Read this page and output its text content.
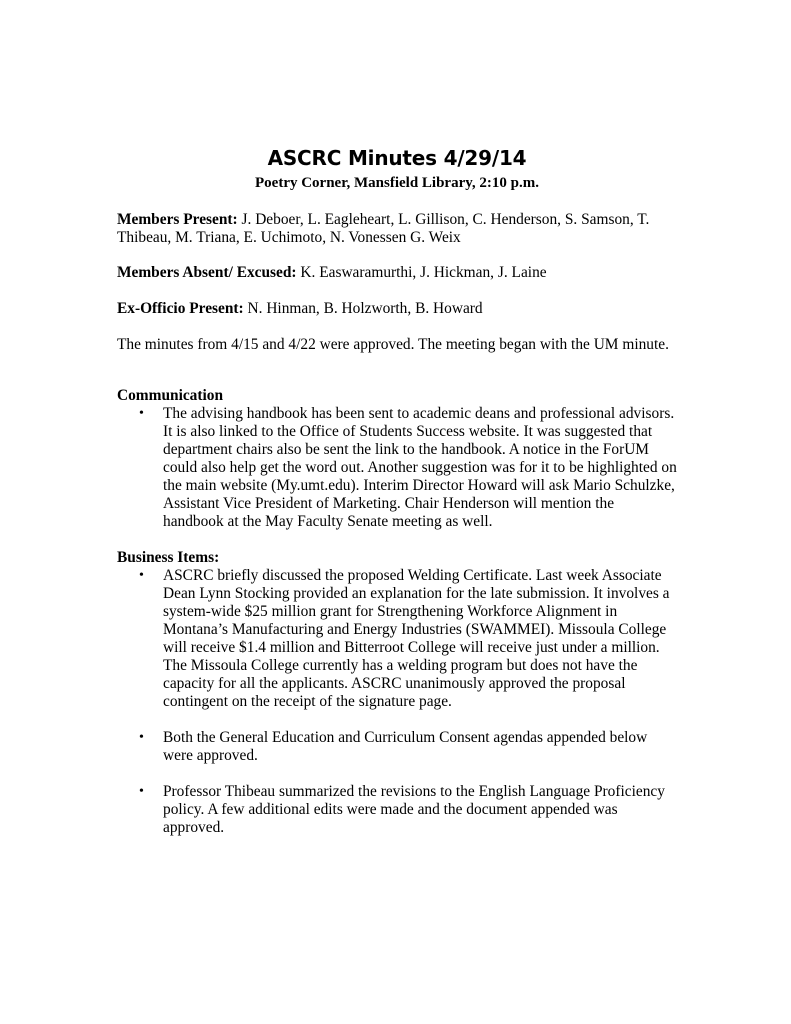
ASCRC Minutes 4/29/14

Poetry Corner, Mansfield Library, 2:10 p.m.

Members Present: J. Deboer, L. Eagleheart, L. Gillison, C. Henderson, S. Samson, T. Thibeau, M. Triana, E. Uchimoto, N. Vonessen G. Weix

Members Absent/ Excused: K. Easwaramurthi, J. Hickman, J. Laine

Ex-Officio Present: N. Hinman, B. Holzworth, B. Howard

The minutes from 4/15 and 4/22 were approved. The meeting began with the UM minute.

Communication

• The advising handbook has been sent to academic deans and professional advisors. It is also linked to the Office of Students Success website. It was suggested that department chairs also be sent the link to the handbook. A notice in the ForUM could also help get the word out. Another suggestion was for it to be highlighted on the main website (My.umt.edu). Interim Director Howard will ask Mario Schulzke, Assistant Vice President of Marketing. Chair Henderson will mention the handbook at the May Faculty Senate meeting as well.

Business Items:

• ASCRC briefly discussed the proposed Welding Certificate. Last week Associate Dean Lynn Stocking provided an explanation for the late submission. It involves a system-wide $25 million grant for Strengthening Workforce Alignment in Montana’s Manufacturing and Energy Industries (SWAMMEI). Missoula College will receive $1.4 million and Bitterroot College will receive just under a million. The Missoula College currently has a welding program but does not have the capacity for all the applicants. ASCRC unanimously approved the proposal contingent on the receipt of the signature page.
• Both the General Education and Curriculum Consent agendas appended below were approved.
• Professor Thibeau summarized the revisions to the English Language Proficiency policy. A few additional edits were made and the document appended was approved.
